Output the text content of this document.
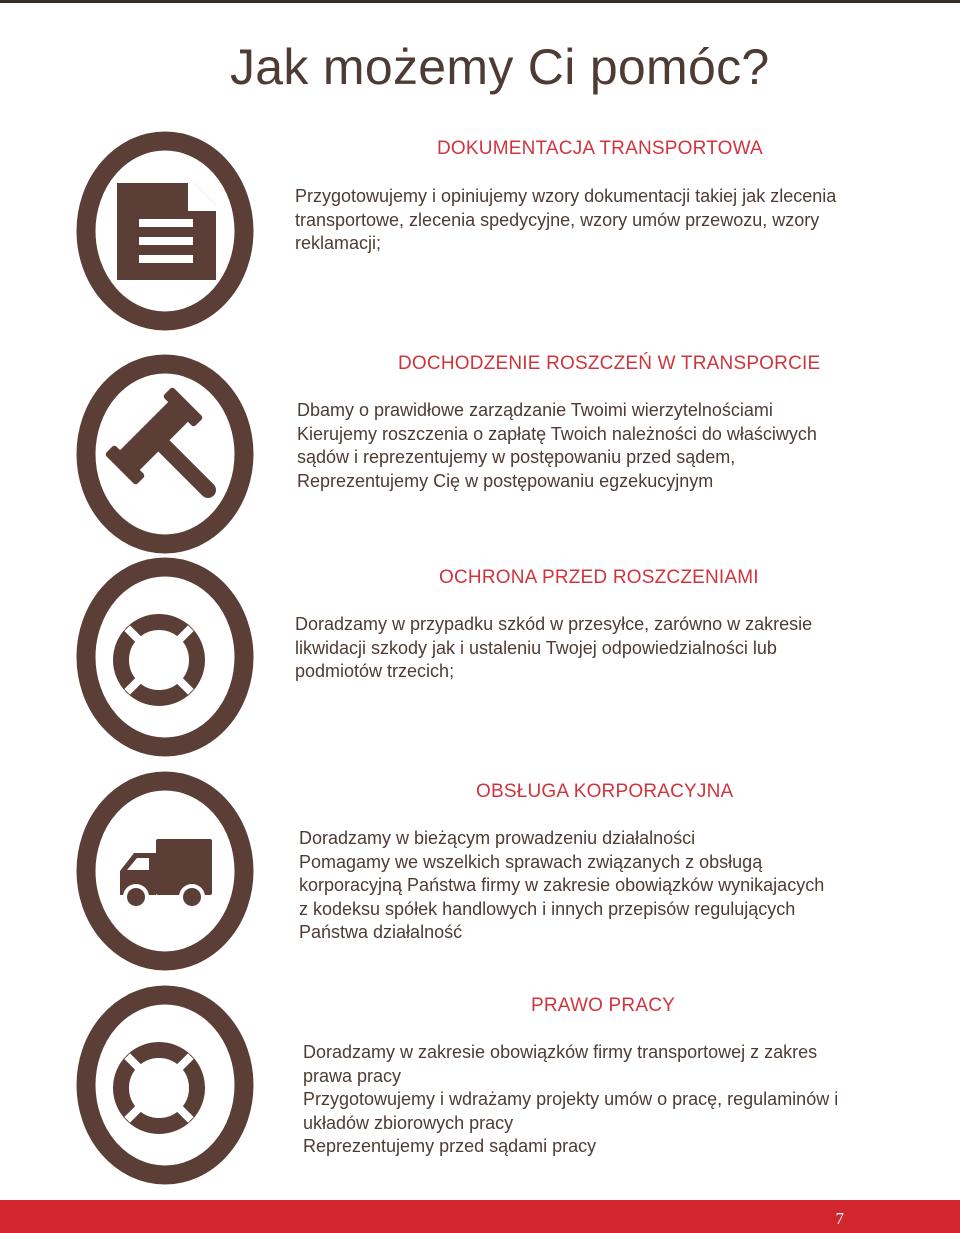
Jak możemy Ci pomóc?
DOKUMENTACJA TRANSPORTOWA
Przygotowujemy i opiniujemy wzory dokumentacji takiej jak zlecenia
transportowe, zlecenia spedycyjne, wzory umów przewozu, wzory
reklamacji;
DOCHODZENIE ROSZCZEŃ W TRANSPORCIE
Dbamy o prawidłowe zarządzanie Twoimi wierzytelnościami
Kierujemy roszczenia o zapłatę Twoich należności do właściwych
sądów i reprezentujemy w postępowaniu przed sądem,
Reprezentujemy Cię w postępowaniu egzekucyjnym
OCHRONA PRZED ROSZCZENIAMI
Doradzamy w przypadku szkód w przesyłce, zarówno w zakresie
likwidacji szkody jak i ustaleniu Twojej odpowiedzialności lub
podmiotów trzecich;
OBSŁUGA KORPORACYJNA
Doradzamy w bieżącym prowadzeniu działalności
Pomagamy we wszelkich sprawach związanych z obsługą
korporacyjną Państwa firmy w zakresie obowiązków wynikajacych
z kodeksu spółek handlowych i innych przepisów regulujących
Państwa działalność
PRAWO PRACY
Doradzamy w zakresie obowiązków firmy transportowej z zakres
prawa pracy
Przygotowujemy i wdrażamy projekty umów o pracę, regulaminów i
układów zbiorowych pracy
Reprezentujemy przed sądami pracy
7
